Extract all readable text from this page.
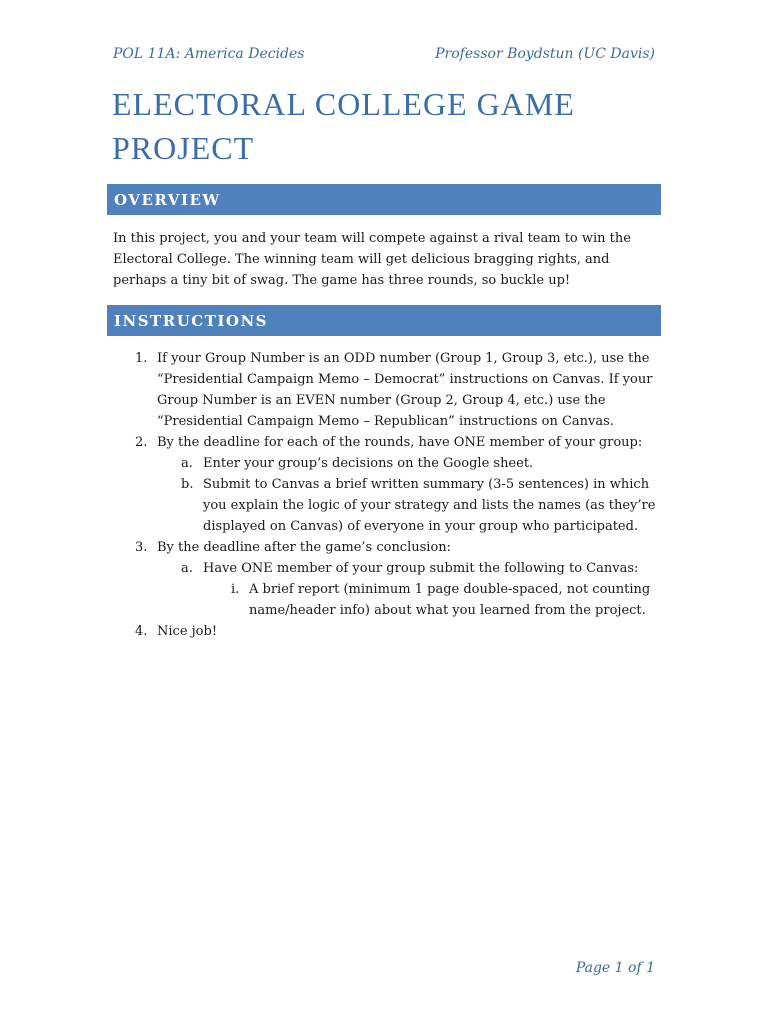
POL 11A: America Decides	Professor Boydstun (UC Davis)
ELECTORAL COLLEGE GAME PROJECT
OVERVIEW

In this project, you and your team will compete against a rival team to win the Electoral College. The winning team will get delicious bragging rights, and perhaps a tiny bit of swag. The game has three rounds, so buckle up!

INSTRUCTIONS
1. If your Group Number is an ODD number (Group 1, Group 3, etc.), use the “Presidential Campaign Memo – Democrat” instructions on Canvas. If your Group Number is an EVEN number (Group 2, Group 4, etc.) use the “Presidential Campaign Memo – Republican” instructions on Canvas.
2. By the deadline for each of the rounds, have ONE member of your group:
a. Enter your group’s decisions on the Google sheet.
b. Submit to Canvas a brief written summary (3-5 sentences) in which you explain the logic of your strategy and lists the names (as they’re displayed on Canvas) of everyone in your group who participated.
3. By the deadline after the game’s conclusion:
a. Have ONE member of your group submit the following to Canvas:
i. A brief report (minimum 1 page double-spaced, not counting name/header info) about what you learned from the project.
4. Nice job!
Page 1 of 1
